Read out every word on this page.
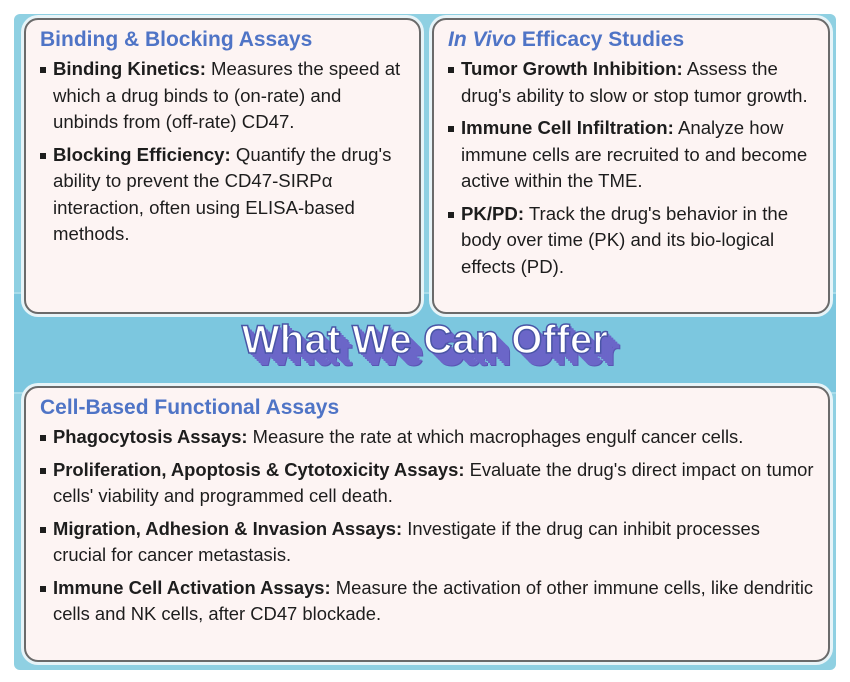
Binding & Blocking Assays
Binding Kinetics: Measures the speed at which a drug binds to (on-rate) and unbinds from (off-rate) CD47.
Blocking Efficiency: Quantify the drug's ability to prevent the CD47-SIRPα interaction, often using ELISA-based methods.
In Vivo Efficacy Studies
Tumor Growth Inhibition: Assess the drug's ability to slow or stop tumor growth.
Immune Cell Infiltration: Analyze how immune cells are recruited to and become active within the TME.
PK/PD: Track the drug's behavior in the body over time (PK) and its bio-logical effects (PD).
What We Can Offer
Cell-Based Functional Assays
Phagocytosis Assays: Measure the rate at which macrophages engulf cancer cells.
Proliferation, Apoptosis & Cytotoxicity Assays: Evaluate the drug's direct impact on tumor cells' viability and programmed cell death.
Migration, Adhesion & Invasion Assays: Investigate if the drug can inhibit processes crucial for cancer metastasis.
Immune Cell Activation Assays: Measure the activation of other immune cells, like dendritic cells and NK cells, after CD47 blockade.
